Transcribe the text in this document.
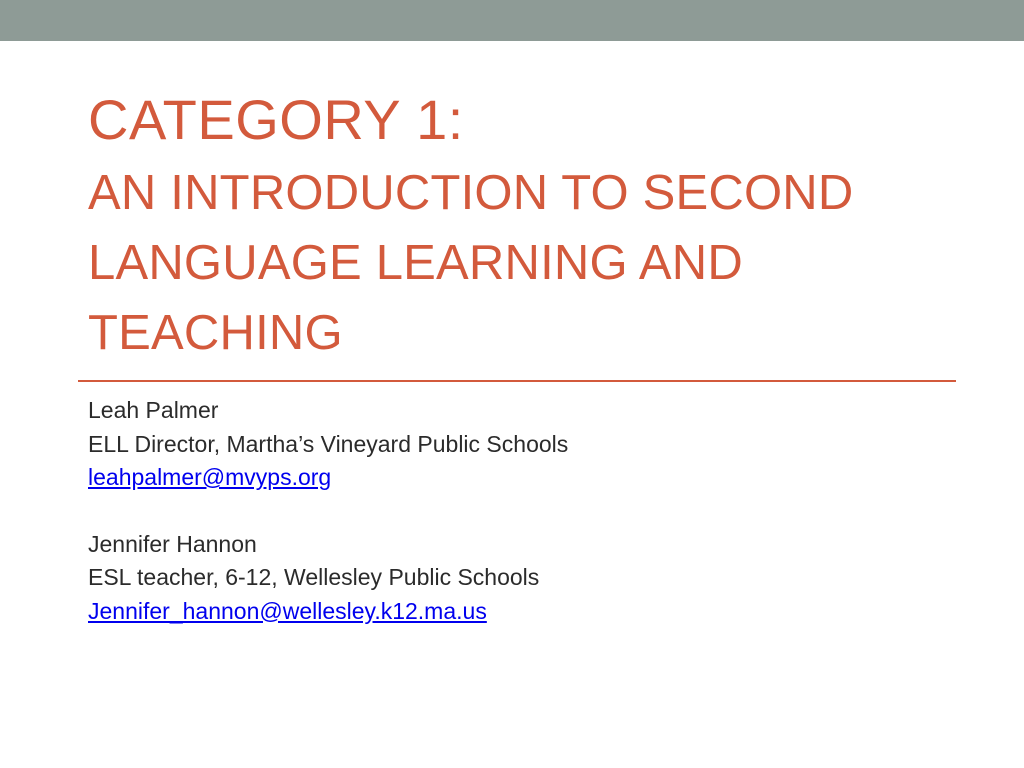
CATEGORY 1:
AN INTRODUCTION TO SECOND LANGUAGE LEARNING AND TEACHING
Leah Palmer
ELL Director, Martha’s Vineyard Public Schools
leahpalmer@mvyps.org
Jennifer Hannon
ESL teacher, 6-12, Wellesley Public Schools
Jennifer_hannon@wellesley.k12.ma.us
